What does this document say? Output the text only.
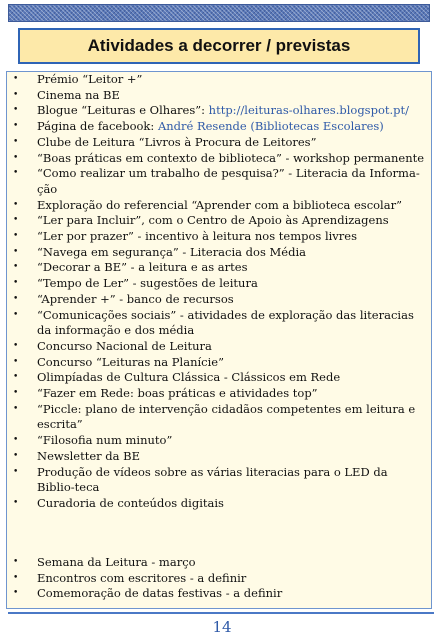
Atividades a decorrer / previstas
• Prémio “Leitor +”
• Cinema na BE
• Blogue “Leituras e Olhares”: http://leituras-olhares.blogspot.pt/
• Página de facebook: André Resende (Bibliotecas Escolares)
• Clube de Leitura “Livros à Procura de Leitores”
• “Boas práticas em contexto de biblioteca” - workshop permanente
• “Como realizar um trabalho de pesquisa?” - Literacia da Informa-ção
• Exploração do referencial “Aprender com a biblioteca escolar”
• “Ler para Incluir”, com o Centro de Apoio às Aprendizagens
• “Ler por prazer” - incentivo à leitura nos tempos livres
• “Navega em segurança” - Literacia dos Média
• “Decorar a BE” - a leitura e as artes
• “Tempo de Ler” - sugestões de leitura
• “Aprender +” - banco de recursos
• “Comunicações sociais” - atividades de exploração das literacias da informação e dos média
• Concurso Nacional de Leitura
• Concurso “Leituras na Planície”
• Olimpíadas de Cultura Clássica - Clássicos em Rede
• “Fazer em Rede: boas práticas e atividades top”
• “Piccle: plano de intervenção cidadãos competentes em leitura e escrita”
• “Filosofia num minuto”
• Newsletter da BE
• Produção de vídeos sobre as várias literacias para o LED da Biblio-teca
• Curadoria de conteúdos digitais
• Semana da Leitura - março
• Encontros com escritores - a definir
• Comemoração de datas festivas - a definir
14
